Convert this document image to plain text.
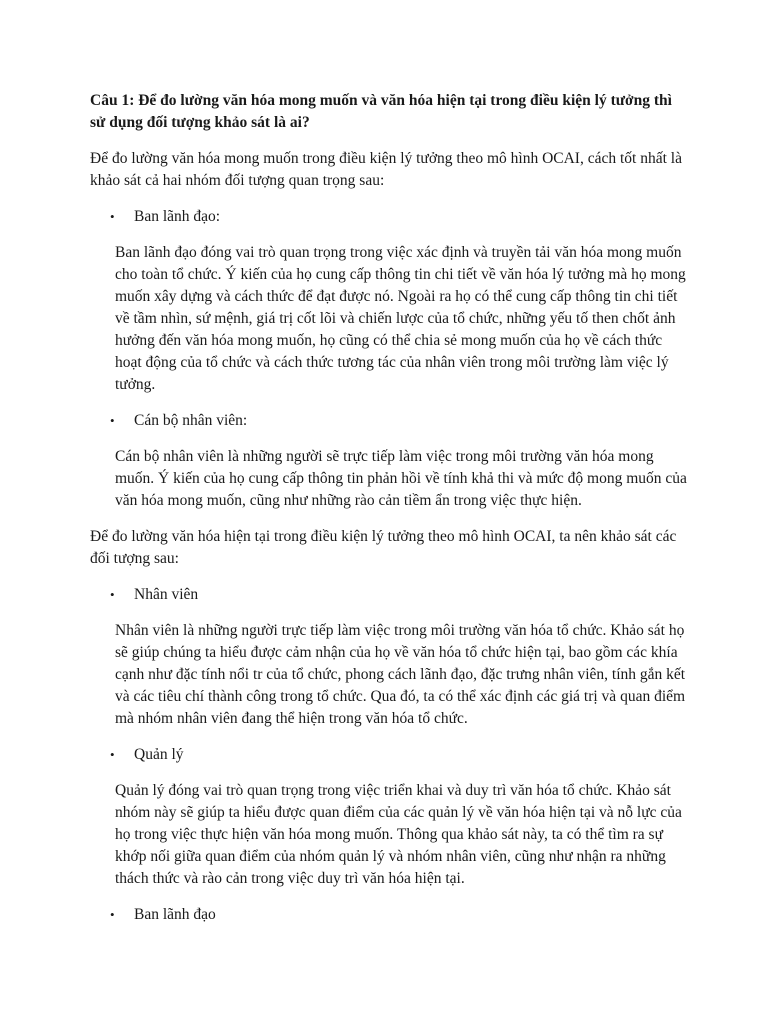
Câu 1: Để đo lường văn hóa mong muốn và văn hóa hiện tại trong điều kiện lý tưởng thì sử dụng đối tượng khảo sát là ai?

Để đo lường văn hóa mong muốn trong điều kiện lý tưởng theo mô hình OCAI, cách tốt nhất là khảo sát cả hai nhóm đối tượng quan trọng sau:

•	Ban lãnh đạo:

Ban lãnh đạo đóng vai trò quan trọng trong việc xác định và truyền tải văn hóa mong muốn cho toàn tổ chức. Ý kiến của họ cung cấp thông tin chi tiết về văn hóa lý tưởng mà họ mong muốn xây dựng và cách thức để đạt được nó. Ngoài ra họ có thể cung cấp thông tin chi tiết về tầm nhìn, sứ mệnh, giá trị cốt lõi và chiến lược của tổ chức, những yếu tố then chốt ảnh hưởng đến văn hóa mong muốn, họ cũng có thể chia sẻ mong muốn của họ về cách thức hoạt động của tổ chức và cách thức tương tác của nhân viên trong môi trường làm việc lý tưởng.

•	Cán bộ nhân viên:

Cán bộ nhân viên là những người sẽ trực tiếp làm việc trong môi trường văn hóa mong muốn. Ý kiến của họ cung cấp thông tin phản hồi về tính khả thi và mức độ mong muốn của văn hóa mong muốn, cũng như những rào cản tiềm ẩn trong việc thực hiện.

Để đo lường văn hóa hiện tại trong điều kiện lý tưởng theo mô hình OCAI, ta nên khảo sát các đối tượng sau:

•	Nhân viên

Nhân viên là những người trực tiếp làm việc trong môi trường văn hóa tổ chức. Khảo sát họ sẽ giúp chúng ta hiểu được cảm nhận của họ về văn hóa tổ chức hiện tại, bao gồm các khía cạnh như đặc tính nổi tr của tổ chức, phong cách lãnh đạo, đặc trưng nhân viên, tính gắn kết và các tiêu chí thành công trong tổ chức. Qua đó, ta có thể xác định các giá trị và quan điểm mà nhóm nhân viên đang thể hiện trong văn hóa tổ chức.

•	Quản lý

Quản lý đóng vai trò quan trọng trong việc triển khai và duy trì văn hóa tổ chức. Khảo sát nhóm này sẽ giúp ta hiểu được quan điểm của các quản lý về văn hóa hiện tại và nỗ lực của họ trong việc thực hiện văn hóa mong muốn. Thông qua khảo sát này, ta có thể tìm ra sự khớp nối giữa quan điểm của nhóm quản lý và nhóm nhân viên, cũng như nhận ra những thách thức và rào cản trong việc duy trì văn hóa hiện tại.

•	Ban lãnh đạo
